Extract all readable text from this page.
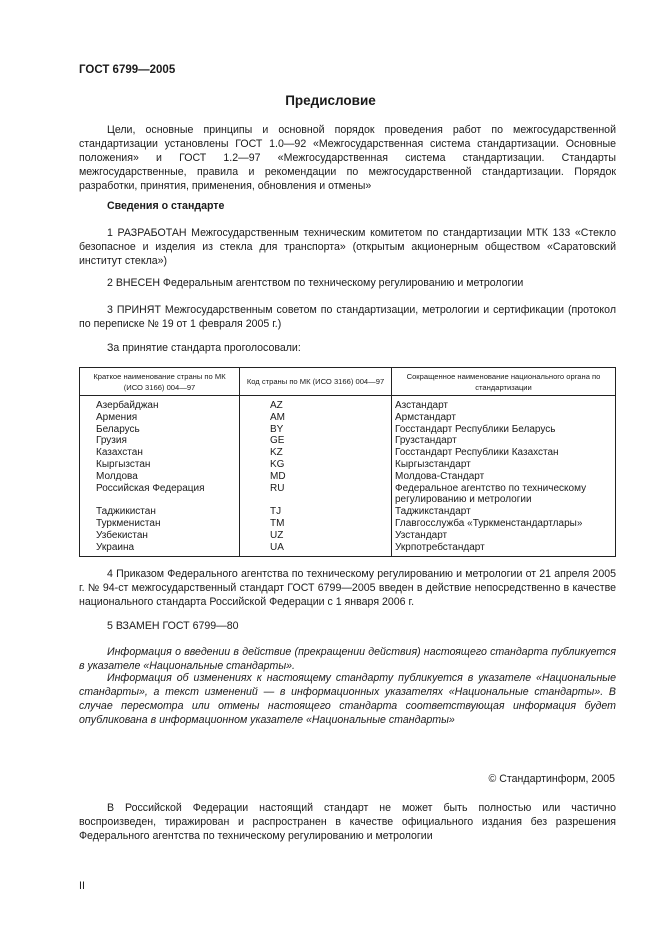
ГОСТ 6799—2005
Предисловие
Цели, основные принципы и основной порядок проведения работ по межгосударственной стандартизации установлены ГОСТ 1.0—92 «Межгосударственная система стандартизации. Основные положения» и ГОСТ 1.2—97 «Межгосударственная система стандартизации. Стандарты межгосударственные, правила и рекомендации по межгосударственной стандартизации. Порядок разработки, принятия, применения, обновления и отмены»
Сведения о стандарте
1 РАЗРАБОТАН Межгосударственным техническим комитетом по стандартизации МТК 133 «Стекло безопасное и изделия из стекла для транспорта» (открытым акционерным обществом «Саратовский институт стекла»)
2 ВНЕСЕН Федеральным агентством по техническому регулированию и метрологии
3 ПРИНЯТ Межгосударственным советом по стандартизации, метрологии и сертификации (протокол по переписке № 19 от 1 февраля 2005 г.)
За принятие стандарта проголосовали:
Краткое наименование страны по МК (ИСО 3166) 004—97	Код страны по МК (ИСО 3166) 004—97	Сокращенное наименование национального органа по стандартизации
Азербайджан	AZ	Азстандарт
Армения	AM	Армстандарт
Беларусь	BY	Госстандарт Республики Беларусь
Грузия	GE	Грузстандарт
Казахстан	KZ	Госстандарт Республики Казахстан
Кыргызстан	KG	Кыргызстандарт
Молдова	MD	Молдова-Стандарт
Российская Федерация	RU	Федеральное агентство по техническому регулированию и метрологии
Таджикистан	TJ	Таджикстандарт
Туркменистан	TM	Главгосслужба «Туркменстандартлары»
Узбекистан	UZ	Узстандарт
Украина	UA	Укрпотребстандарт
4 Приказом Федерального агентства по техническому регулированию и метрологии от 21 апреля 2005 г. № 94-ст межгосударственный стандарт ГОСТ 6799—2005 введен в действие непосредственно в качестве национального стандарта Российской Федерации с 1 января 2006 г.
5 ВЗАМЕН ГОСТ 6799—80
Информация о введении в действие (прекращении действия) настоящего стандарта публикуется в указателе «Национальные стандарты».
Информация об изменениях к настоящему стандарту публикуется в указателе «Национальные стандарты», а текст изменений — в информационных указателях «Национальные стандарты». В случае пересмотра или отмены настоящего стандарта соответствующая информация будет опубликована в информационном указателе «Национальные стандарты»
© Стандартинформ, 2005
В Российской Федерации настоящий стандарт не может быть полностью или частично воспроизведен, тиражирован и распространен в качестве официального издания без разрешения Федерального агентства по техническому регулированию и метрологии
II
